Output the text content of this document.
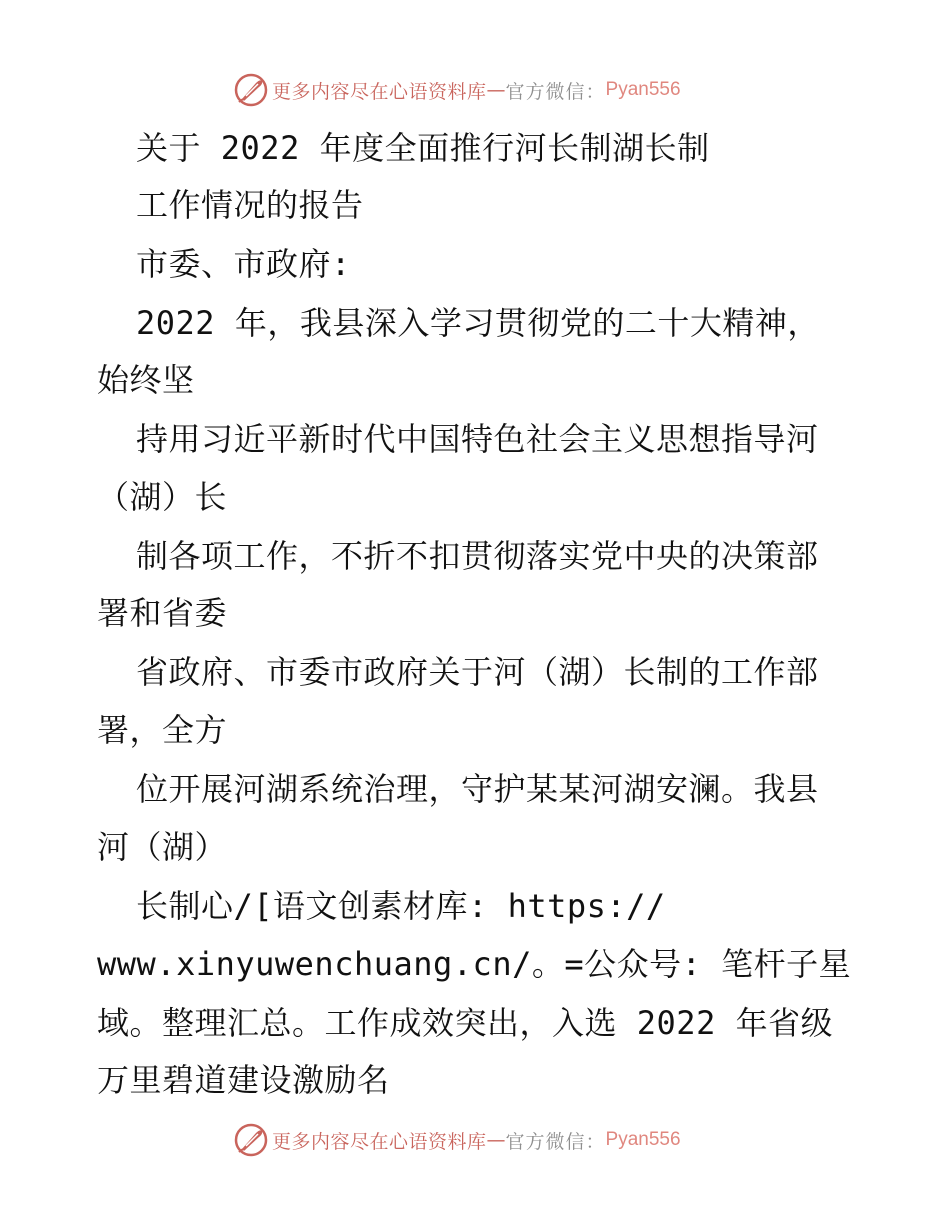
更多内容尽在心语资料库 — 官方微信： Pyan556
关于 2022 年度全面推行河长制湖长制
工作情况的报告
市委、市政府:
2022 年，我县深入学习贯彻党的二十大精神，
始终坚
持用习近平新时代中国特色社会主义思想指导河
（湖）长
制各项工作，不折不扣贯彻落实党中央的决策部
署和省委
省政府、市委市政府关于河（湖）长制的工作部
署，全方
位开展河湖系统治理，守护某某河湖安澜。我县
河（湖）
长制心/[语文创素材库: https://
www.xinyuwenchuang.cn/。=公众号: 笔杆子星
域。整理汇总。工作成效突出，入选 2022 年省级
万里碧道建设激励名
更多内容尽在心语资料库 — 官方微信： Pyan556
